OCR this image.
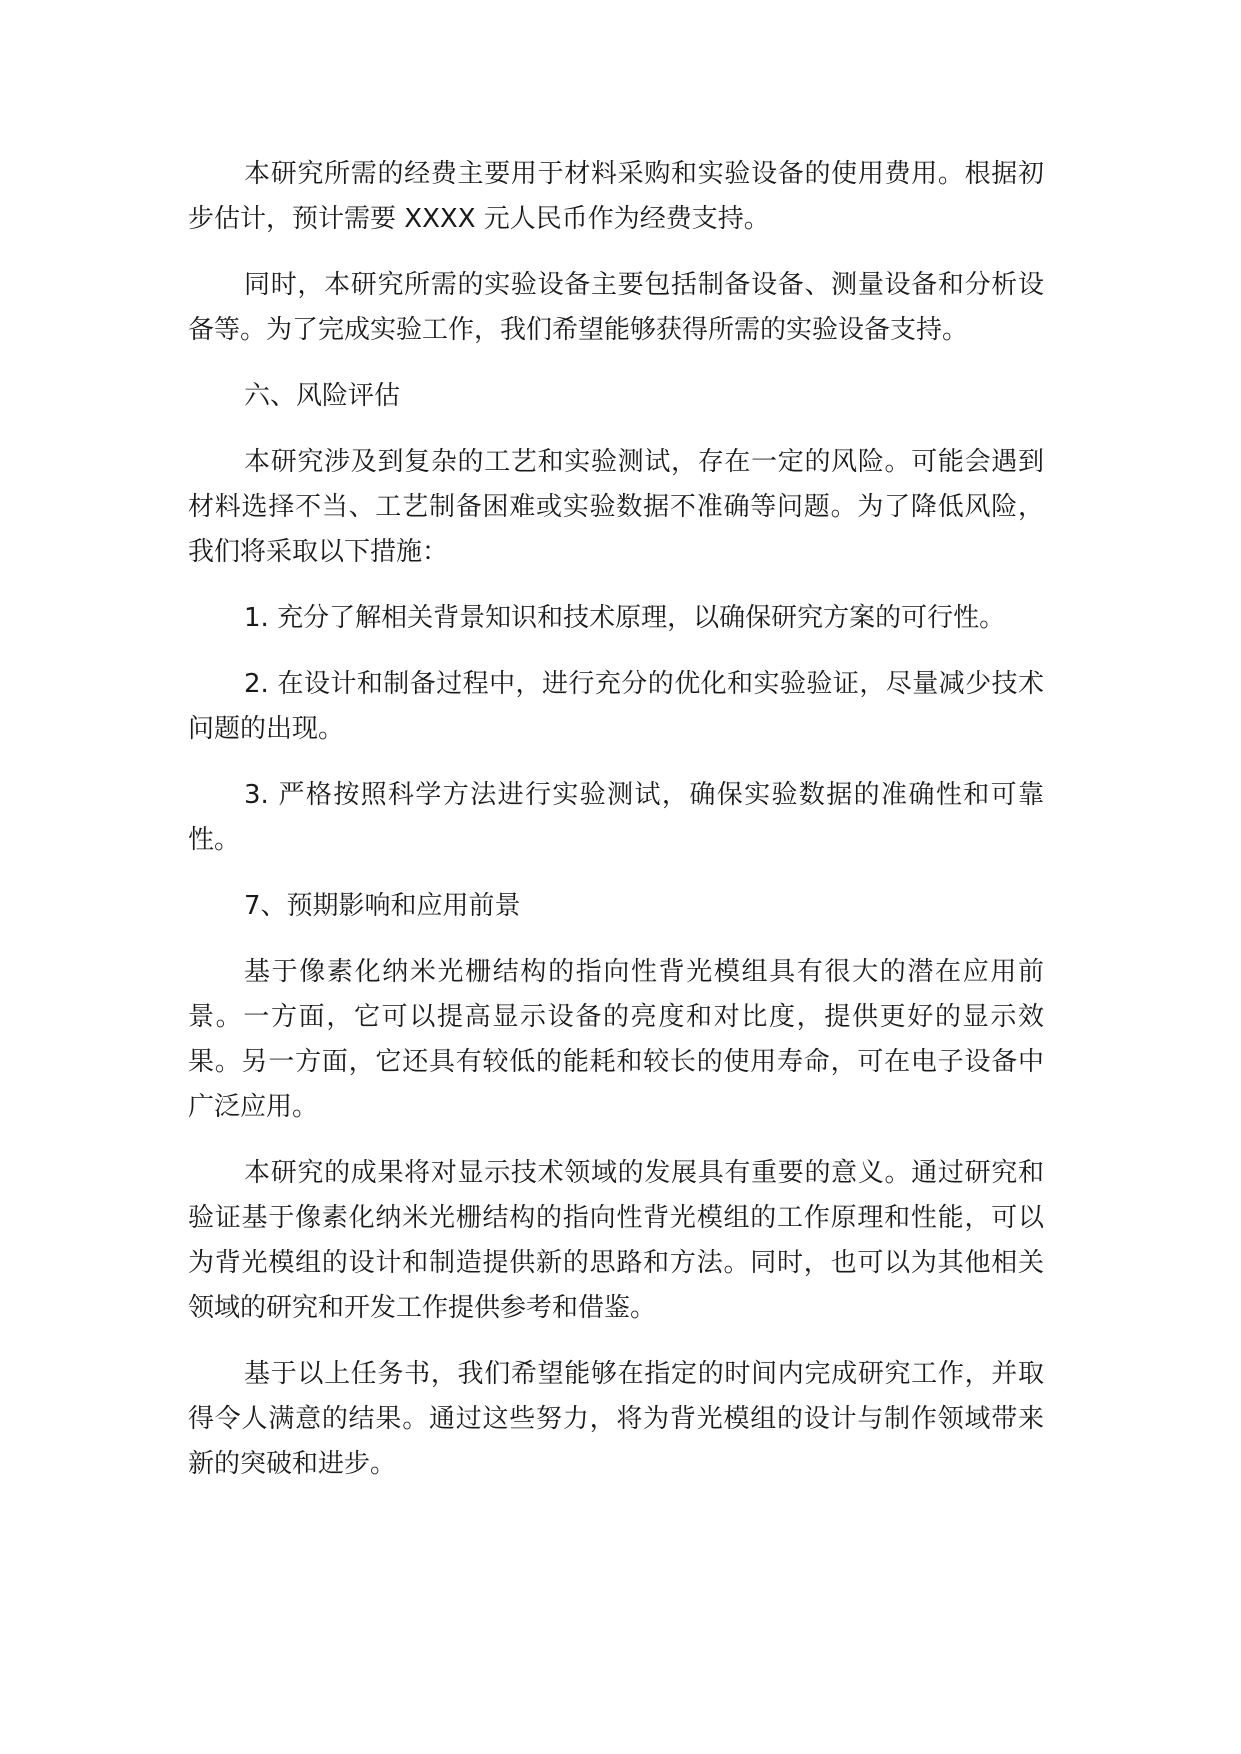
本研究所需的经费主要用于材料采购和实验设备的使用费用。根据初步估计，预计需要 XXXX 元人民币作为经费支持。

同时，本研究所需的实验设备主要包括制备设备、测量设备和分析设备等。为了完成实验工作，我们希望能够获得所需的实验设备支持。

六、风险评估

本研究涉及到复杂的工艺和实验测试，存在一定的风险。可能会遇到材料选择不当、工艺制备困难或实验数据不准确等问题。为了降低风险，我们将采取以下措施：

1. 充分了解相关背景知识和技术原理，以确保研究方案的可行性。

2. 在设计和制备过程中，进行充分的优化和实验验证，尽量减少技术问题的出现。

3. 严格按照科学方法进行实验测试，确保实验数据的准确性和可靠性。

7、预期影响和应用前景

基于像素化纳米光栅结构的指向性背光模组具有很大的潜在应用前景。一方面，它可以提高显示设备的亮度和对比度，提供更好的显示效果。另一方面，它还具有较低的能耗和较长的使用寿命，可在电子设备中广泛应用。

本研究的成果将对显示技术领域的发展具有重要的意义。通过研究和验证基于像素化纳米光栅结构的指向性背光模组的工作原理和性能，可以为背光模组的设计和制造提供新的思路和方法。同时，也可以为其他相关领域的研究和开发工作提供参考和借鉴。

基于以上任务书，我们希望能够在指定的时间内完成研究工作，并取得令人满意的结果。通过这些努力，将为背光模组的设计与制作领域带来新的突破和进步。
